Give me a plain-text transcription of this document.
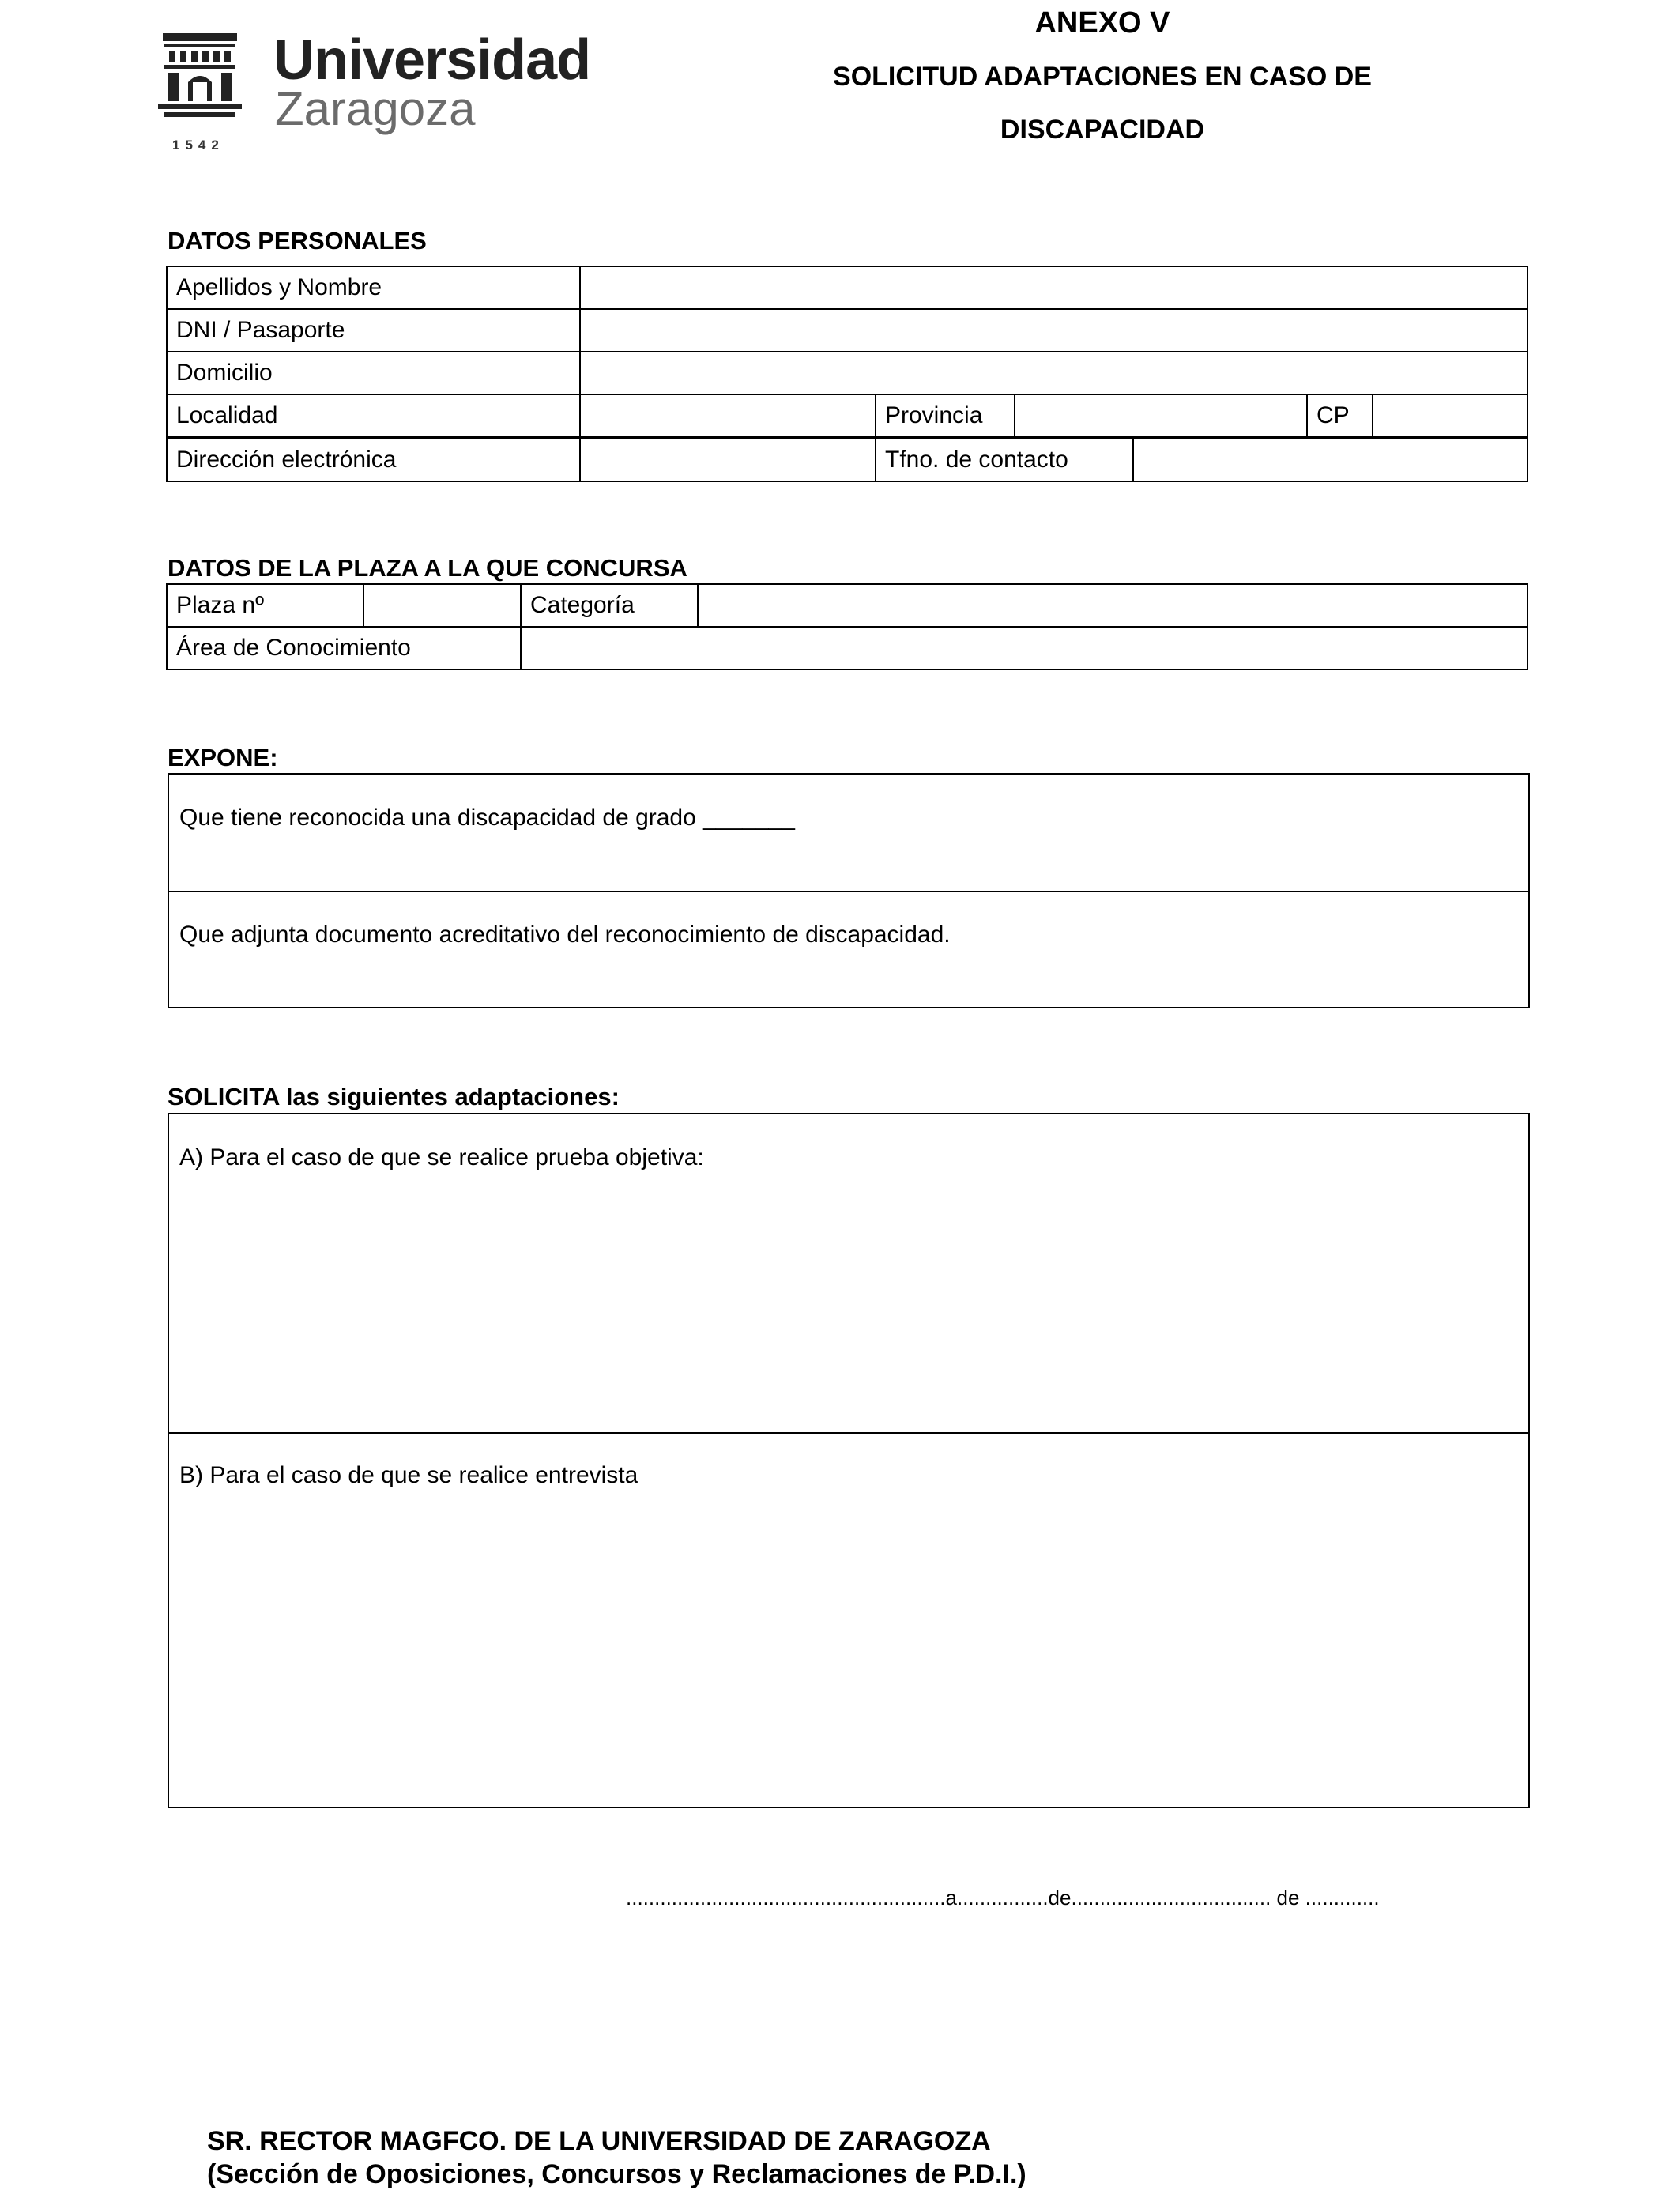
1542
Universidad
Zaragoza
ANEXO V
SOLICITUD ADAPTACIONES EN CASO DE
DISCAPACIDAD
DATOS PERSONALES
Apellidos y Nombre					
DNI / Pasaporte					
Domicilio					
Localidad		Provincia		CP	
Dirección electrónica		Tfno. de contacto	
DATOS DE LA PLAZA A LA QUE CONCURSA
Plaza nº		Categoría	
Área de Conocimiento			
EXPONE:
Que tiene reconocida una discapacidad de grado _______
Que adjunta documento acreditativo del reconocimiento de discapacidad.
SOLICITA las siguientes adaptaciones:
A) Para el caso de que se realice prueba objetiva:
B) Para el caso de que se realice entrevista
........................................................a................de................................... de .............
SR. RECTOR MAGFCO. DE LA UNIVERSIDAD DE ZARAGOZA
(Sección de Oposiciones, Concursos y Reclamaciones de P.D.I.)
